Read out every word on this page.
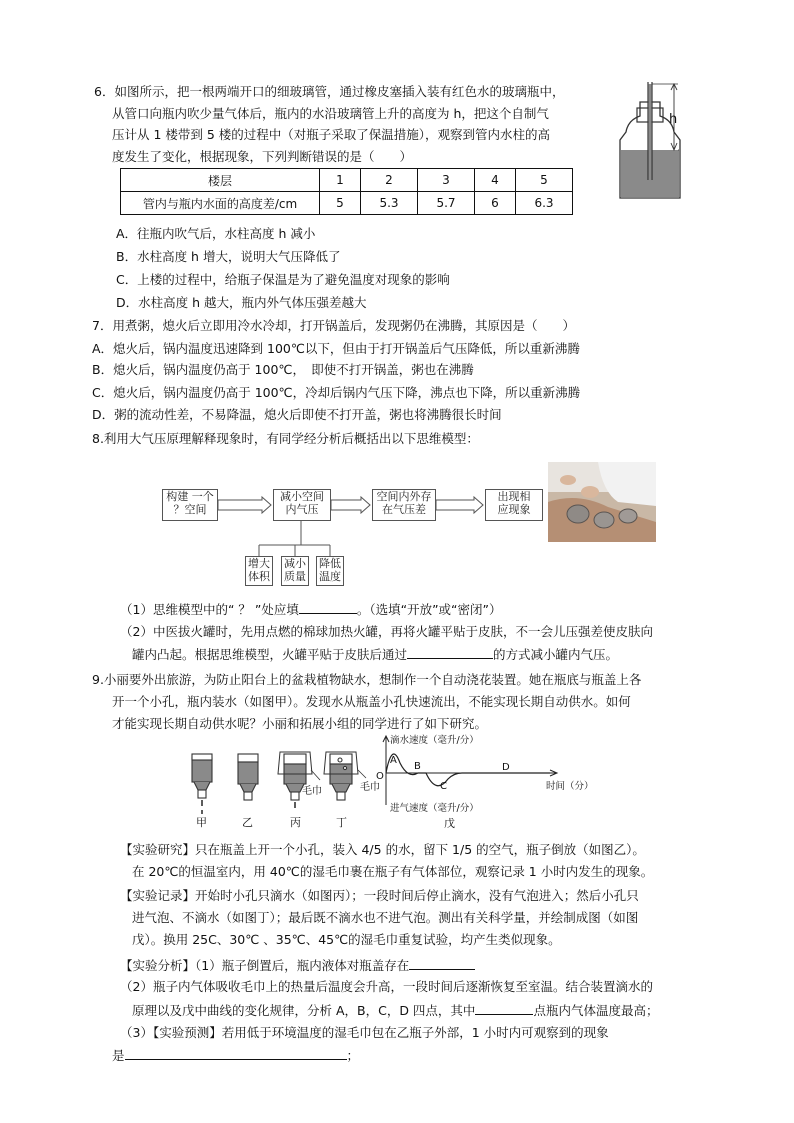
6．如图所示，把一根两端开口的细玻璃管，通过橡皮塞插入装有红色水的玻璃瓶中，
从管口向瓶内吹少量气体后，瓶内的水沿玻璃管上升的高度为 h，把这个自制气
压计从 1 楼带到 5 楼的过程中（对瓶子采取了保温措施），观察到管内水柱的高
度发生了变化，根据现象，下列判断错误的是（　　）
h
楼层	1	2	3	4	5
管内与瓶内水面的高度差/cm	5	5.3	5.7	6	6.3
A．往瓶内吹气后，水柱高度 h 减小
B．水柱高度 h 增大，说明大气压降低了
C．上楼的过程中，给瓶子保温是为了避免温度对现象的影响
D．水柱高度 h 越大，瓶内外气体压强差越大
7．用煮粥，熄火后立即用冷水冷却，打开锅盖后，发现粥仍在沸腾，其原因是（　　）
A．熄火后，锅内温度迅速降到 100℃以下，但由于打开锅盖后气压降低，所以重新沸腾
B．熄火后，锅内温度仍高于 100℃，　即使不打开锅盖，粥也在沸腾
C．熄火后，锅内温度仍高于 100℃，冷却后锅内气压下降，沸点也下降，所以重新沸腾
D．粥的流动性差，不易降温，熄火后即使不打开盖，粥也将沸腾很长时间
8.利用大气压原理解释现象时，有同学经分析后概括出以下思维模型：
构建 一个
？空间
减小空间
内气压
空间内外存
在气压差
出现相
应现象
增大
体积
减小
质量
降低
温度
（1）思维模型中的“ ？ ”处应填	。（选填“开放”或“密闭”）
（2）中医拔火罐时，先用点燃的棉球加热火罐，再将火罐平贴于皮肤，不一会儿压强差使皮肤向
罐内凸起。根据思维模型，火罐平贴于皮肤后通过	的方式减小罐内气压。
9.小丽要外出旅游，为防止阳台上的盆栽植物缺水，想制作一个自动浇花装置。她在瓶底与瓶盖上各
开一个小孔，瓶内装水（如图甲）。发现水从瓶盖小孔快速流出，不能实现长期自动供水。如何
才能实现长期自动供水呢？小丽和拓展小组的同学进行了如下研究。
毛巾	毛巾
甲	乙	丙	丁
滴水速度（毫升/分）
进气速度（毫升/分）
时间（分）
O
A
B
C
D
戊
【实验研究】只在瓶盖上开一个小孔，装入 4/5 的水，留下 1/5 的空气，瓶子倒放（如图乙）。
在 20℃的恒温室内，用 40℃的湿毛巾裹在瓶子有气体部位，观察记录 1 小时内发生的现象。
【实验记录】开始时小孔只滴水（如图丙）；一段时间后停止滴水，没有气泡进入；然后小孔只
进气泡、不滴水（如图丁）；最后既不滴水也不进气泡。测出有关科学量，并绘制成图（如图
戊）。换用 25C、30℃ 、35℃、45℃的湿毛巾重复试验，均产生类似现象。
【实验分析】（1）瓶子倒置后，瓶内液体对瓶盖存在
（2）瓶子内气体吸收毛巾上的热量后温度会升高，一段时间后逐渐恢复至室温。结合装置滴水的
原理以及戊中曲线的变化规律，分析 A，B，C，D 四点，其中	点瓶内气体温度最高；
（3）【实验预测】若用低于环境温度的湿毛巾包在乙瓶子外部，1 小时内可观察到的现象
是	；
